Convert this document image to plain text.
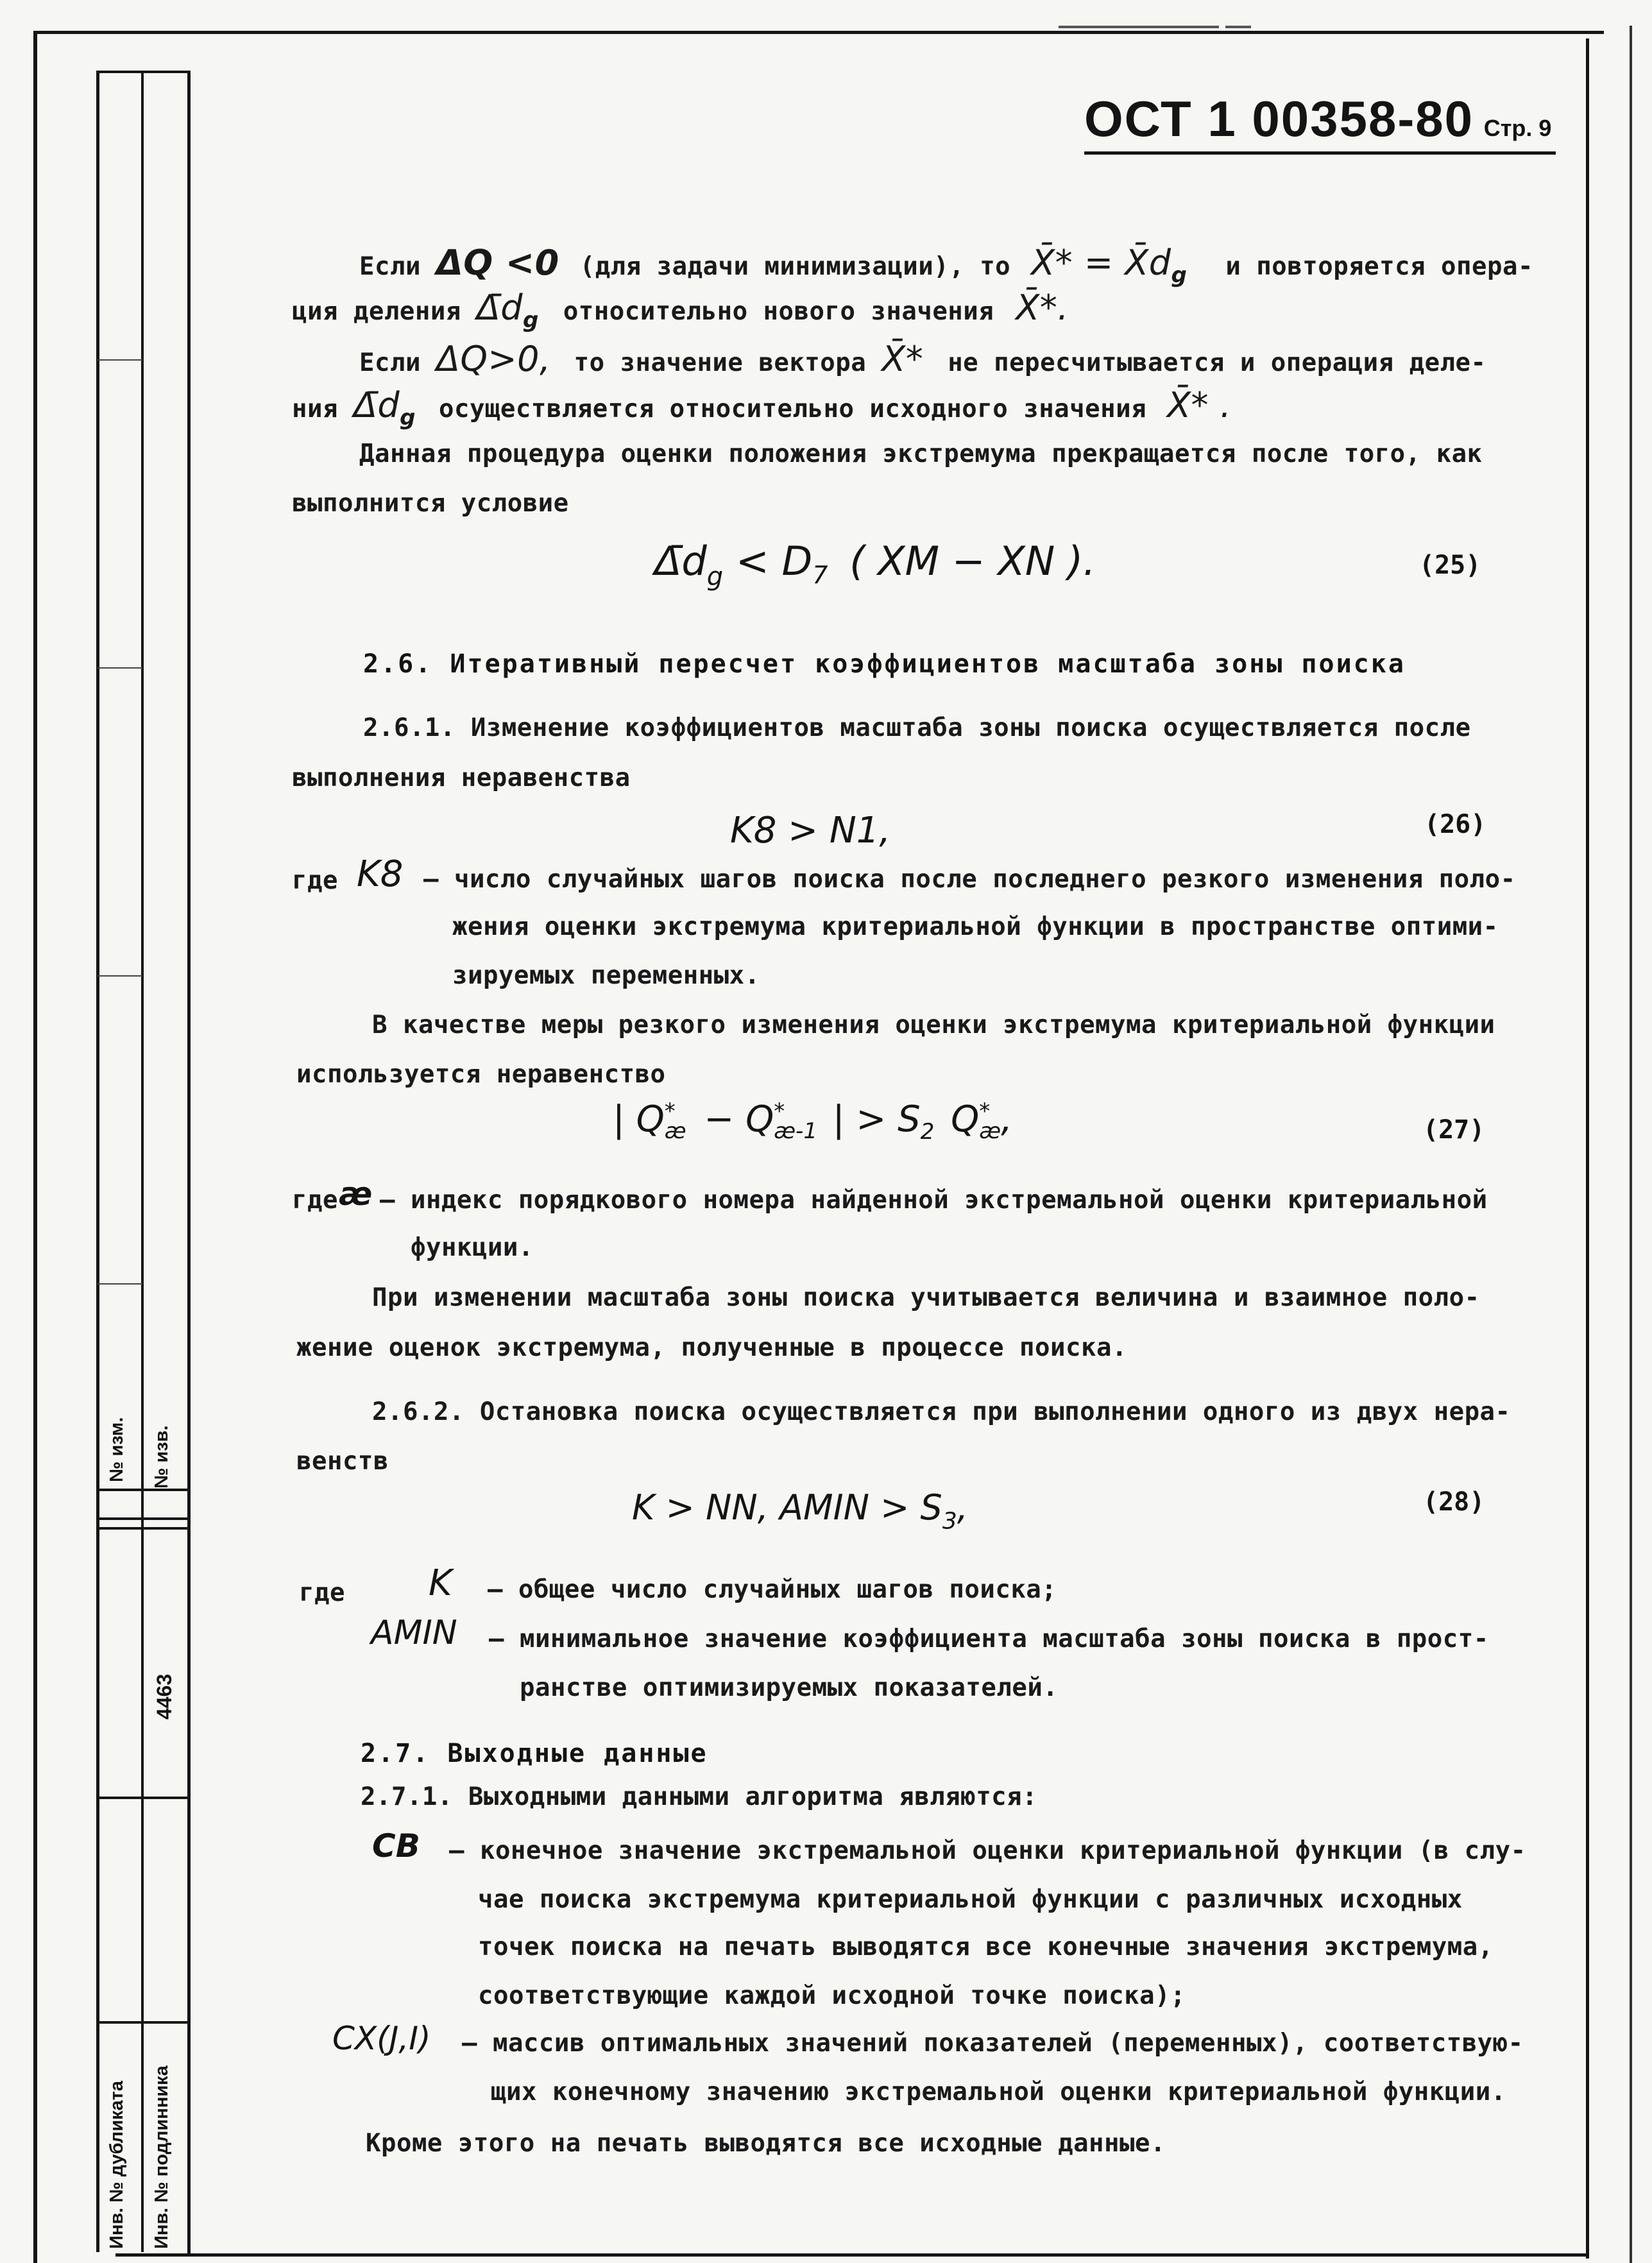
№ изм. № изв.
4463
Инв. № дубликата Инв. № подлинника
ОСТ 1 00358-80 Стр. 9
Если ΔQ <0 (для задачи минимизации), то X̄* = X̄dg и повторяется опера-
ция деления Δ̄dg относительно нового значения X̄*.
Если ΔQ>0, то значение вектора X̄* не пересчитывается и операция деле-
ния Δ̄dg осуществляется относительно исходного значения X̄* .
Данная процедура оценки положения экстремума прекращается после того, как
выполнится условие
$\Deltād_g < D_7$ ( XM − XN ).	(25)
2.6. Итеративный пересчет коэффициентов масштаба зоны поиска
2.6.1. Изменение коэффициентов масштаба зоны поиска осуществляется после
выполнения неравенства
K8 > N1,	(26)
где K8 – число случайных шагов поиска после последнего резкого изменения поло-
жения оценки экстремума критериальной функции в пространстве оптими-
зируемых переменных.
В качестве меры резкого изменения оценки экстремума критериальной функции
используется неравенство
| Q *
æ − Q *
æ-1 | > $S_2$ Q *
æ ,	(27)
где æ – индекс порядкового номера найденной экстремальной оценки критериальной
функции.
При изменении масштаба зоны поиска учитывается величина и взаимное поло-
жение оценок экстремума, полученные в процессе поиска.
2.6.2. Остановка поиска осуществляется при выполнении одного из двух нера-
венств
K > NN, AMIN > $S_3$,	(28)
где K – общее число случайных шагов поиска;
AMIN – минимальное значение коэффициента масштаба зоны поиска в прост-
ранстве оптимизируемых показателей.
2.7. Выходные данные
2.7.1. Выходными данными алгоритма являются:
CB – конечное значение экстремальной оценки критериальной функции (в слу-
чае поиска экстремума критериальной функции с различных исходных
точек поиска на печать выводятся все конечные значения экстремума,
соответствующие каждой исходной точке поиска);
CX(J,I) – массив оптимальных значений показателей (переменных), соответствую-
щих конечному значению экстремальной оценки критериальной функции.
Кроме этого на печать выводятся все исходные данные.
